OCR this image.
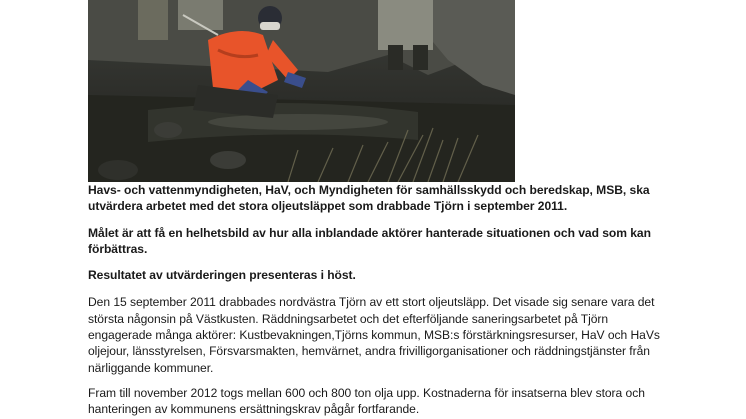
Havs- och vattenmyndigheten, HaV, och Myndigheten för samhällsskydd och beredskap, MSB, ska utvärdera arbetet med det stora oljeutsläppet som drabbade Tjörn i september 2011.

Målet är att få en helhetsbild av hur alla inblandade aktörer hanterade situationen och vad som kan förbättras.

Resultatet av utvärderingen presenteras i höst.

Den 15 september 2011 drabbades nordvästra Tjörn av ett stort oljeutsläpp. Det visade sig senare vara det största någonsin på Västkusten. Räddningsarbetet och det efterföljande saneringsarbetet på Tjörn engagerade många aktörer: Kustbevakningen,Tjörns kommun, MSB:s förstärkningsresurser, HaV och HaVs oljejour, länsstyrelsen, Försvarsmakten, hemvärnet, andra frivilligorganisationer och räddningstjänster från närliggande kommuner.

Fram till november 2012 togs mellan 600 och 800 ton olja upp. Kostnaderna för insatserna blev stora och hanteringen av kommunens ersättningskrav pågår fortfarande.
